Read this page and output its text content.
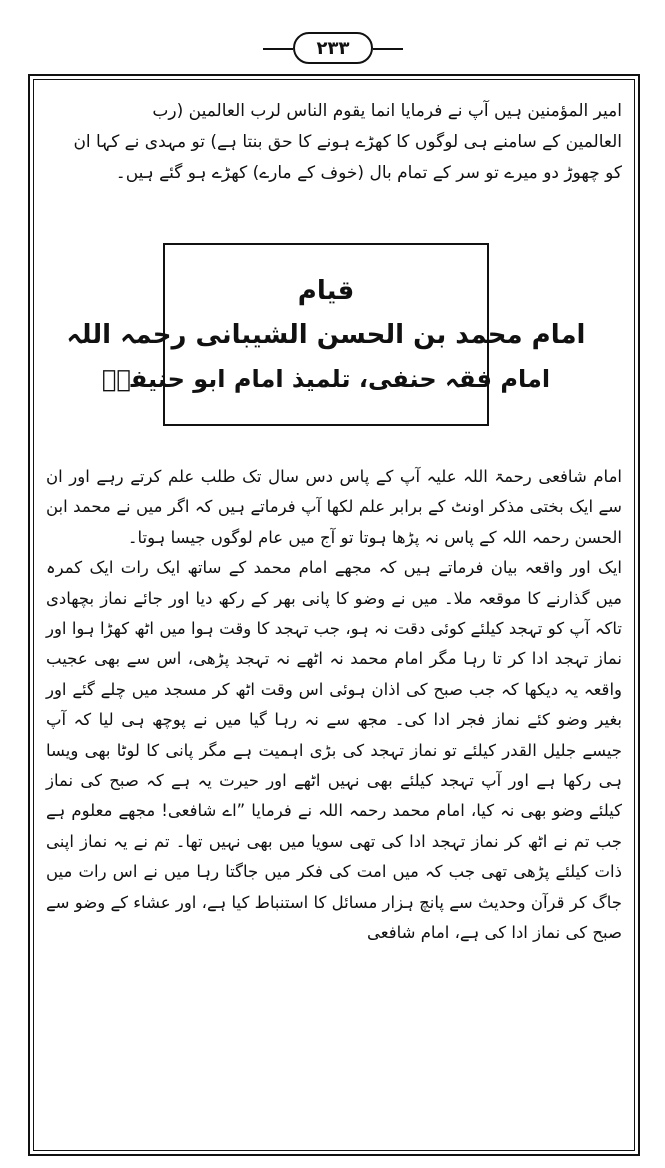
۲۳۳
امیر المؤمنین ہیں آپ نے فرمایا انما یقوم الناس لرب العالمین (رب
العالمین کے سامنے ہی لوگوں کا کھڑے ہونے کا حق بنتا ہے) تو مہدی نے کہا ان
کو چھوڑ دو میرے تو سر کے تمام بال (خوف کے مارے) کھڑے ہو گئے ہیں۔
قیام
امام محمد بن الحسن الشیبانی رحمہ اللہ
امام فقہ حنفی، تلمیذ امام ابو حنیفہؒ

امام شافعی رحمۃ اللہ علیہ آپ کے پاس دس سال تک طلب علم کرتے رہے اور ان سے ایک بختی مذکر اونٹ کے برابر علم لکھا آپ فرماتے ہیں کہ اگر میں نے محمد ابن الحسن رحمہ اللہ کے پاس نہ پڑھا ہوتا تو آج میں عام لوگوں جیسا ہوتا۔

ایک اور واقعہ بیان فرماتے ہیں کہ مجھے امام محمد کے ساتھ ایک رات ایک کمرہ میں گذارنے کا موقعہ ملا۔ میں نے وضو کا پانی بھر کے رکھ دیا اور جائے نماز بچھادی تاکہ آپ کو تہجد کیلئے کوئی دقت نہ ہو، جب تہجد کا وقت ہوا میں اٹھ کھڑا ہوا اور نماز تہجد ادا کر تا رہا مگر امام محمد نہ اٹھے نہ تہجد پڑھی، اس سے بھی عجیب واقعہ یہ دیکھا کہ جب صبح کی اذان ہوئی اس وقت اٹھ کر مسجد میں چلے گئے اور بغیر وضو کئے نماز فجر ادا کی۔ مجھ سے نہ رہا گیا میں نے پوچھ ہی لیا کہ آپ جیسے جلیل القدر کیلئے تو نماز تہجد کی بڑی اہمیت ہے مگر پانی کا لوٹا بھی ویسا ہی رکھا ہے اور آپ تہجد کیلئے بھی نہیں اٹھے اور حیرت یہ ہے کہ صبح کی نماز کیلئے وضو بھی نہ کیا، امام محمد رحمہ اللہ نے فرمایا ”اے شافعی! مجھے معلوم ہے جب تم نے اٹھ کر نماز تہجد ادا کی تھی سویا میں بھی نہیں تھا۔ تم نے یہ نماز اپنی ذات کیلئے پڑھی تھی جب کہ میں امت کی فکر میں جاگتا رہا میں نے اس رات میں جاگ کر قرآن وحدیث سے پانچ ہزار مسائل کا استنباط کیا ہے، اور عشاء کے وضو سے صبح کی نماز ادا کی ہے، امام شافعی
